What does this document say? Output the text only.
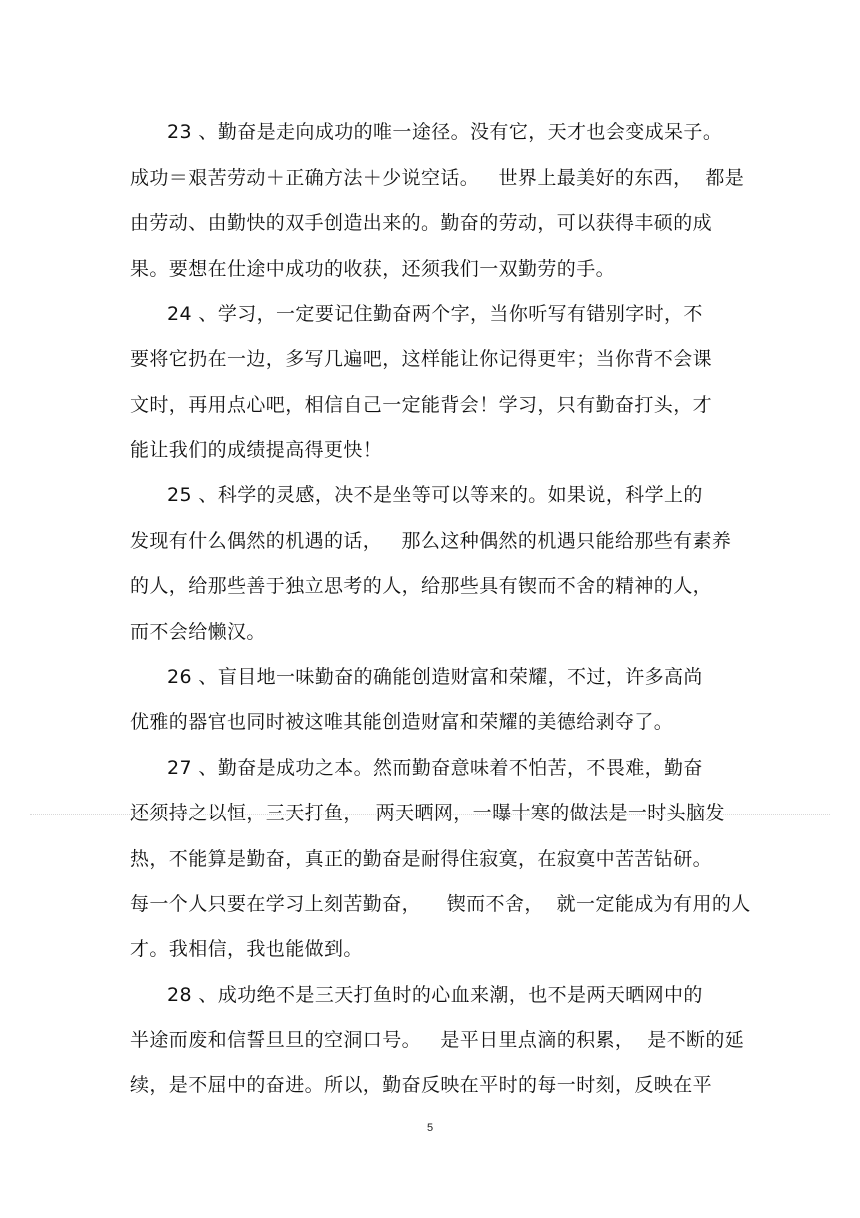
23 、勤奋是走向成功的唯一途径。没有它，天才也会变成呆子。
成功＝艰苦劳动＋正确方法＋少说空话。   世界上最美好的东西，  都是
由劳动、由勤快的双手创造出来的。勤奋的劳动，可以获得丰硕的成
果。要想在仕途中成功的收获，还须我们一双勤劳的手。
24 、学习，一定要记住勤奋两个字，当你听写有错别字时，不
要将它扔在一边，多写几遍吧，这样能让你记得更牢；当你背不会课
文时，再用点心吧，相信自己一定能背会！学习，只有勤奋打头，才
能让我们的成绩提高得更快！
25 、科学的灵感，决不是坐等可以等来的。如果说，科学上的
发现有什么偶然的机遇的话，   那么这种偶然的机遇只能给那些有素养
的人，给那些善于独立思考的人，给那些具有锲而不舍的精神的人，
而不会给懒汉。
26 、盲目地一味勤奋的确能创造财富和荣耀，不过，许多高尚
优雅的器官也同时被这唯其能创造财富和荣耀的美德给剥夺了。
27 、勤奋是成功之本。然而勤奋意味着不怕苦，不畏难，勤奋
还须持之以恒，三天打鱼，  两天晒网，一曝十寒的做法是一时头脑发
热，不能算是勤奋，真正的勤奋是耐得住寂寞，在寂寞中苦苦钻研。
每一个人只要在学习上刻苦勤奋，    锲而不舍，  就一定能成为有用的人
才。我相信，我也能做到。
28 、成功绝不是三天打鱼时的心血来潮，也不是两天晒网中的
半途而废和信誓旦旦的空洞口号。   是平日里点滴的积累，  是不断的延
续，是不屈中的奋进。所以，勤奋反映在平时的每一时刻，反映在平
5
